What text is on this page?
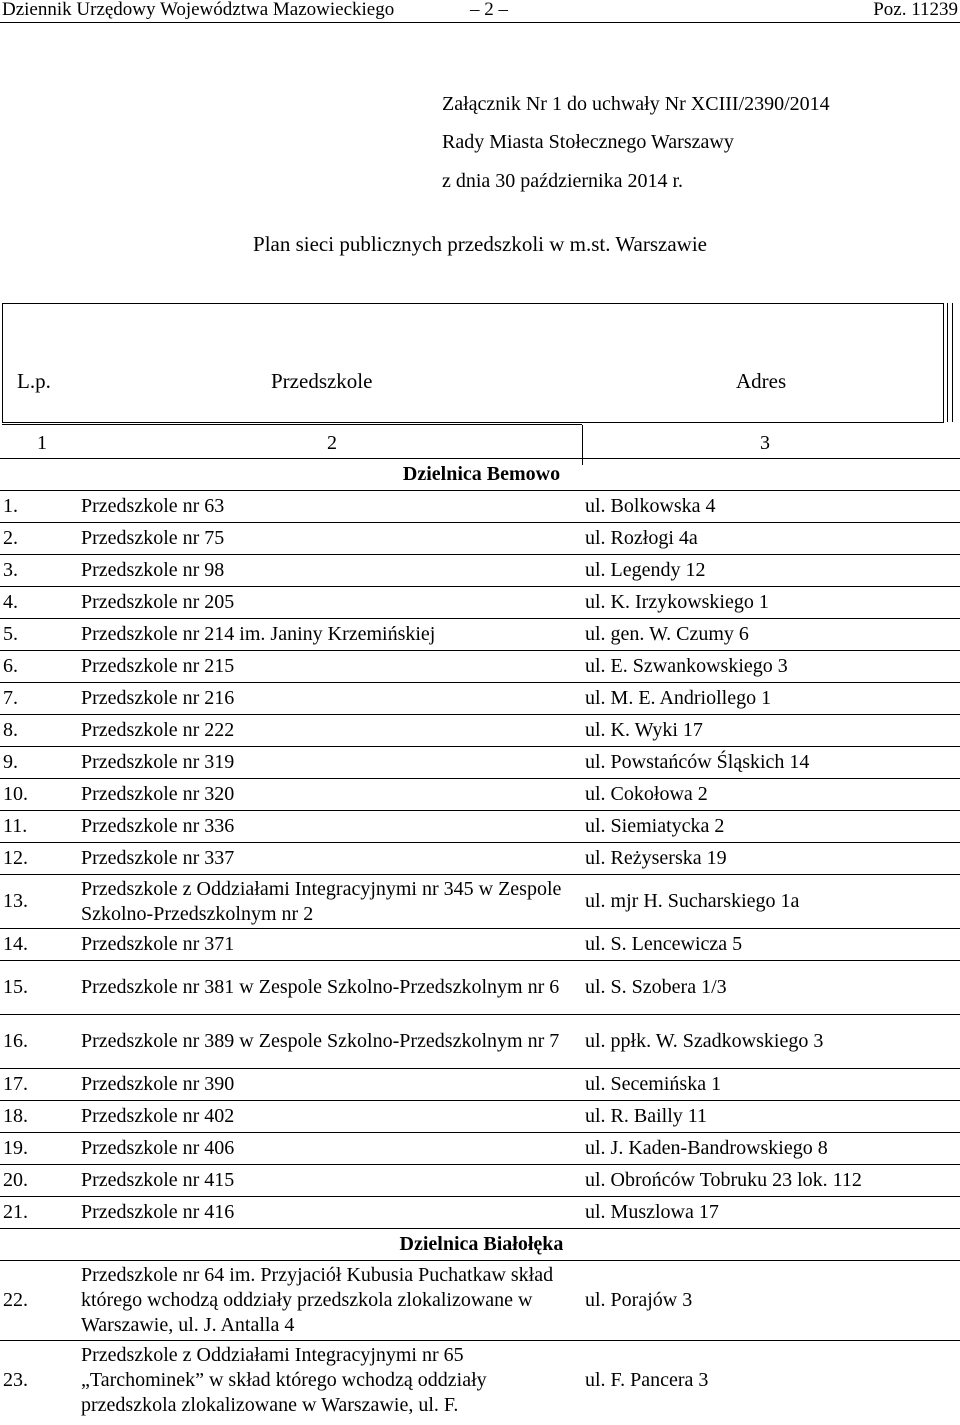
Dziennik Urzędowy Województwa Mazowieckiego	– 2 –	Poz. 11239
Załącznik Nr 1 do uchwały Nr XCIII/2390/2014
Rady Miasta Stołecznego Warszawy
z dnia 30 października 2014 r.
Plan sieci publicznych przedszkoli w m.st. Warszawie
L.p.	Przedszkole	Adres
1	2	3

Dzielnica Bemowo		
1.	Przedszkole nr 63	ul. Bolkowska 4
2.	Przedszkole nr 75	ul. Rozłogi 4a
3.	Przedszkole nr 98	ul. Legendy 12
4.	Przedszkole nr 205	ul. K. Irzykowskiego 1
5.	Przedszkole nr 214 im. Janiny Krzemińskiej	ul. gen. W. Czumy 6
6.	Przedszkole nr 215	ul. E. Szwankowskiego 3
7.	Przedszkole nr 216	ul. M. E. Andriollego 1
8.	Przedszkole nr 222	ul. K. Wyki 17
9.	Przedszkole nr 319	ul. Powstańców Śląskich 14
10.	Przedszkole nr 320	ul. Cokołowa 2
11.	Przedszkole nr 336	ul. Siemiatycka 2
12.	Przedszkole nr 337	ul. Reżyserska 19
13.	Przedszkole z Oddziałami Integracyjnymi nr 345 w Zespole Szkolno-Przedszkolnym nr 2	ul. mjr H. Sucharskiego 1a
14.	Przedszkole nr 371	ul. S. Lencewicza 5
15.	Przedszkole nr 381 w Zespole Szkolno-Przedszkolnym nr 6	ul. S. Szobera 1/3
16.	Przedszkole nr 389 w Zespole Szkolno-Przedszkolnym nr 7	ul. ppłk. W. Szadkowskiego 3
17.	Przedszkole nr 390	ul. Secemińska 1
18.	Przedszkole nr 402	ul. R. Bailly 11
19.	Przedszkole nr 406	ul. J. Kaden-Bandrowskiego 8
20.	Przedszkole nr 415	ul. Obrońców Tobruku 23 lok. 112
21.	Przedszkole nr 416	ul. Muszlowa 17
Dzielnica Białołęka		
22.	Przedszkole nr 64 im. Przyjaciół Kubusia Puchatkaw skład którego wchodzą oddziały przedszkola zlokalizowane w Warszawie, ul. J. Antalla 4	ul. Porajów 3
23.	Przedszkole z Oddziałami Integracyjnymi nr 65 „Tarchominek” w skład którego wchodzą oddziały przedszkola zlokalizowane w Warszawie, ul. F.	ul. F. Pancera 3
